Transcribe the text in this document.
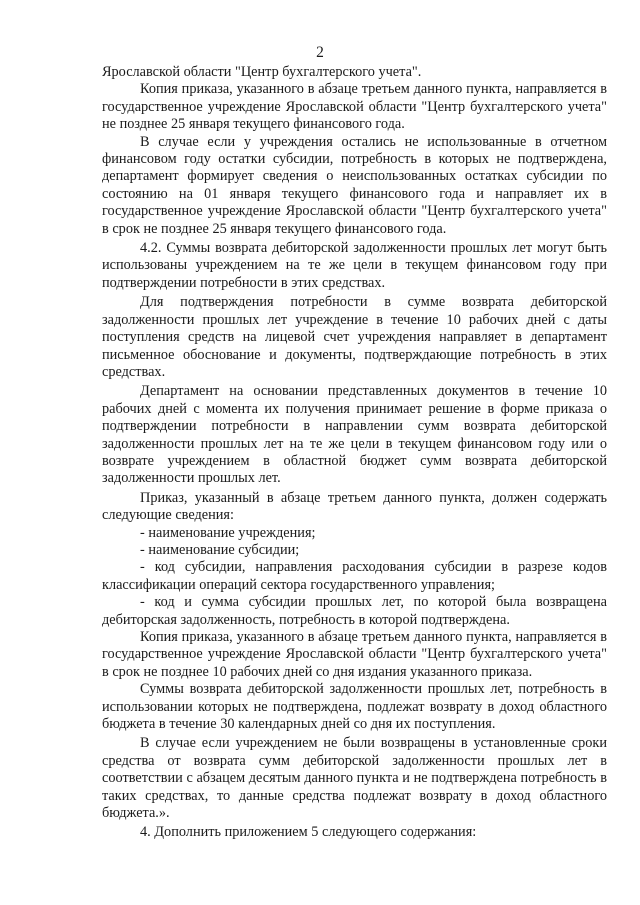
2

Ярославской области "Центр бухгалтерского учета".

Копия приказа, указанного в абзаце третьем данного пункта, направляется в государственное учреждение Ярославской области "Центр бухгалтерского учета" не позднее 25 января текущего финансового года.

В случае если у учреждения остались не использованные в отчетном финансовом году остатки субсидии, потребность в которых не подтверждена, департамент формирует сведения о неиспользованных остатках субсидии по состоянию на 01 января текущего финансового года и направляет их в государственное учреждение Ярославской области "Центр бухгалтерского учета" в срок не позднее 25 января текущего финансового года.

4.2. Суммы возврата дебиторской задолженности прошлых лет могут быть использованы учреждением на те же цели в текущем финансовом году при подтверждении потребности в этих средствах.

Для подтверждения потребности в сумме возврата дебиторской задолженности прошлых лет учреждение в течение 10 рабочих дней с даты поступления средств на лицевой счет учреждения направляет в департамент письменное обоснование и документы, подтверждающие потребность в этих средствах.

Департамент на основании представленных документов в течение 10 рабочих дней с момента их получения принимает решение в форме приказа о подтверждении потребности в направлении сумм возврата дебиторской задолженности прошлых лет на те же цели в текущем финансовом году или о возврате учреждением в областной бюджет сумм возврата дебиторской задолженности прошлых лет.

Приказ, указанный в абзаце третьем данного пункта, должен содержать следующие сведения:

- наименование учреждения;

- наименование субсидии;

- код субсидии, направления расходования субсидии в разрезе кодов классификации операций сектора государственного управления;

- код и сумма субсидии прошлых лет, по которой была возвращена дебиторская задолженность, потребность в которой подтверждена.

Копия приказа, указанного в абзаце третьем данного пункта, направляется в государственное учреждение Ярославской области "Центр бухгалтерского учета" в срок не позднее 10 рабочих дней со дня издания указанного приказа.

Суммы возврата дебиторской задолженности прошлых лет, потребность в использовании которых не подтверждена, подлежат возврату в доход областного бюджета в течение 30 календарных дней со дня их поступления.

В случае если учреждением не были возвращены в установленные сроки средства от возврата сумм дебиторской задолженности прошлых лет в соответствии с абзацем десятым данного пункта и не подтверждена потребность в таких средствах, то данные средства подлежат возврату в доход областного бюджета.».

4. Дополнить приложением 5 следующего содержания:
